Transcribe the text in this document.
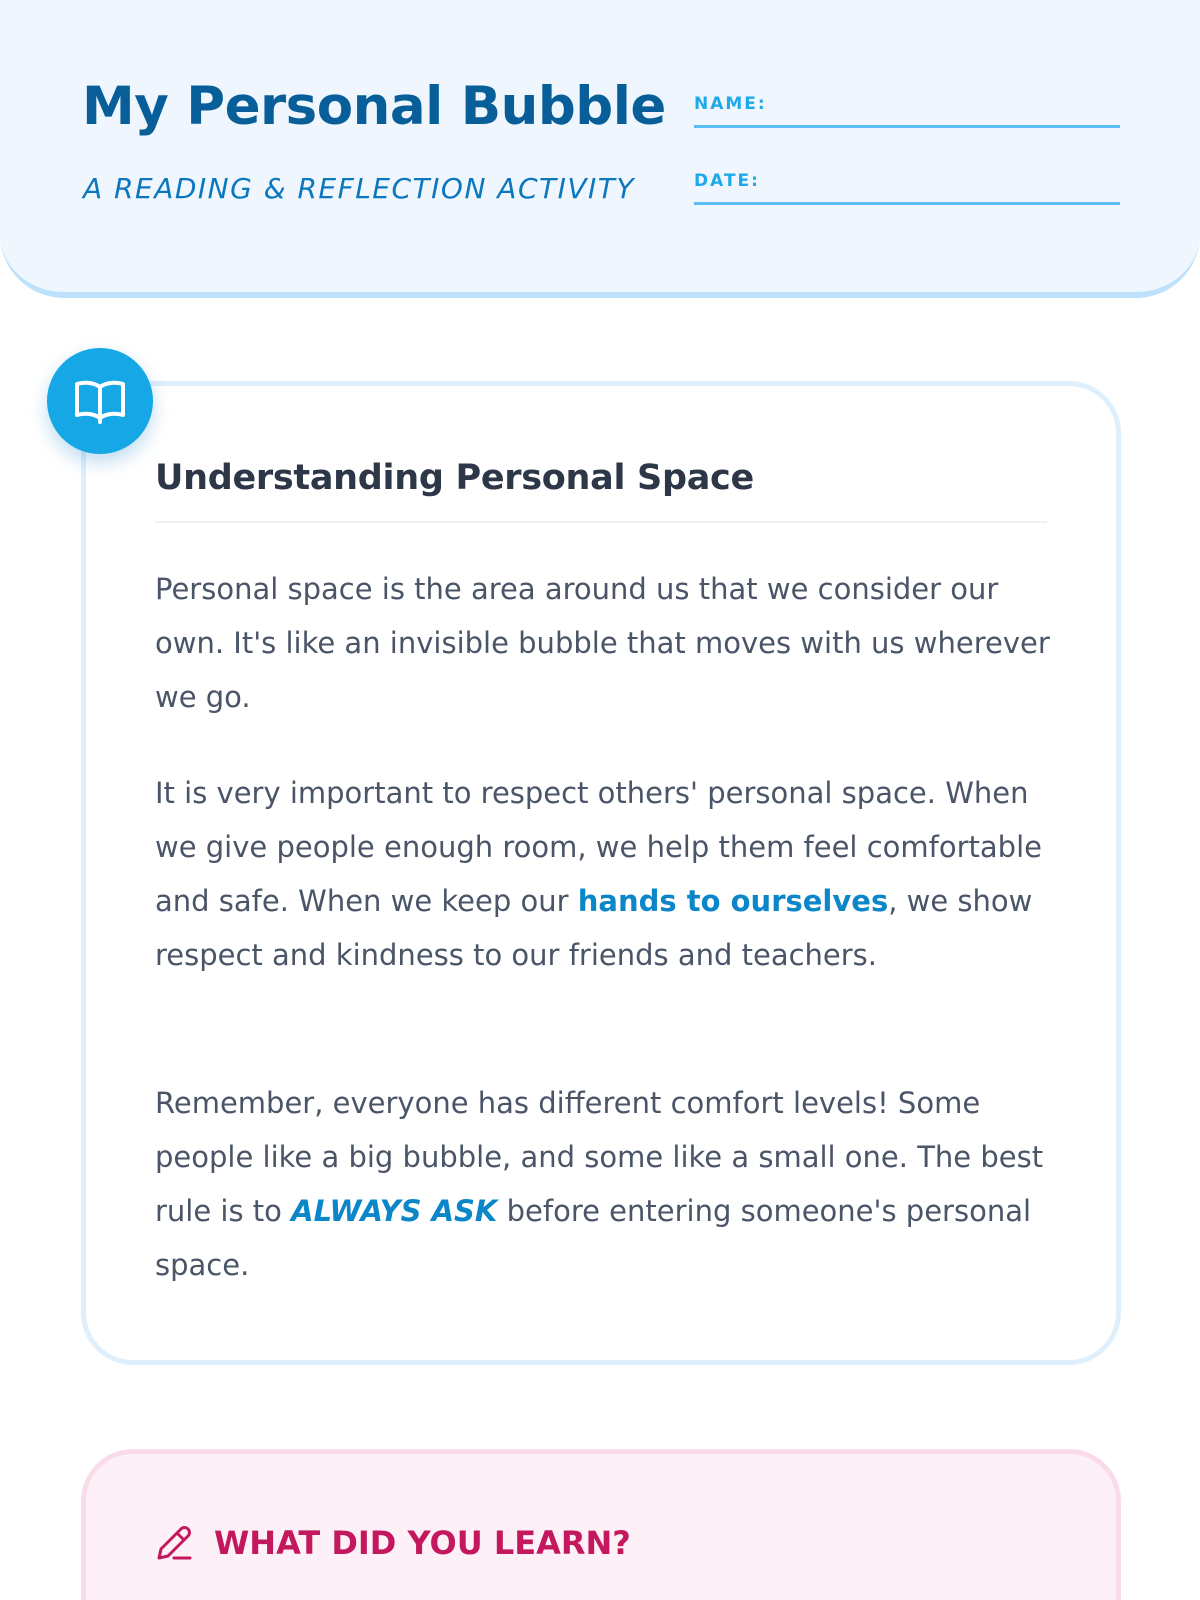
My Personal Bubble
A READING & REFLECTION ACTIVITY
NAME:
DATE:
Understanding Personal Space

Personal space is the area around us that we consider our own. It's like an invisible bubble that moves with us wherever we go.

It is very important to respect others' personal space. When we give people enough room, we help them feel comfortable and safe. When we keep our hands to ourselves, we show respect and kindness to our friends and teachers.

Remember, everyone has different comfort levels! Some people like a big bubble, and some like a small one. The best rule is to ALWAYS ASK before entering someone's personal space.

WHAT DID YOU LEARN?
